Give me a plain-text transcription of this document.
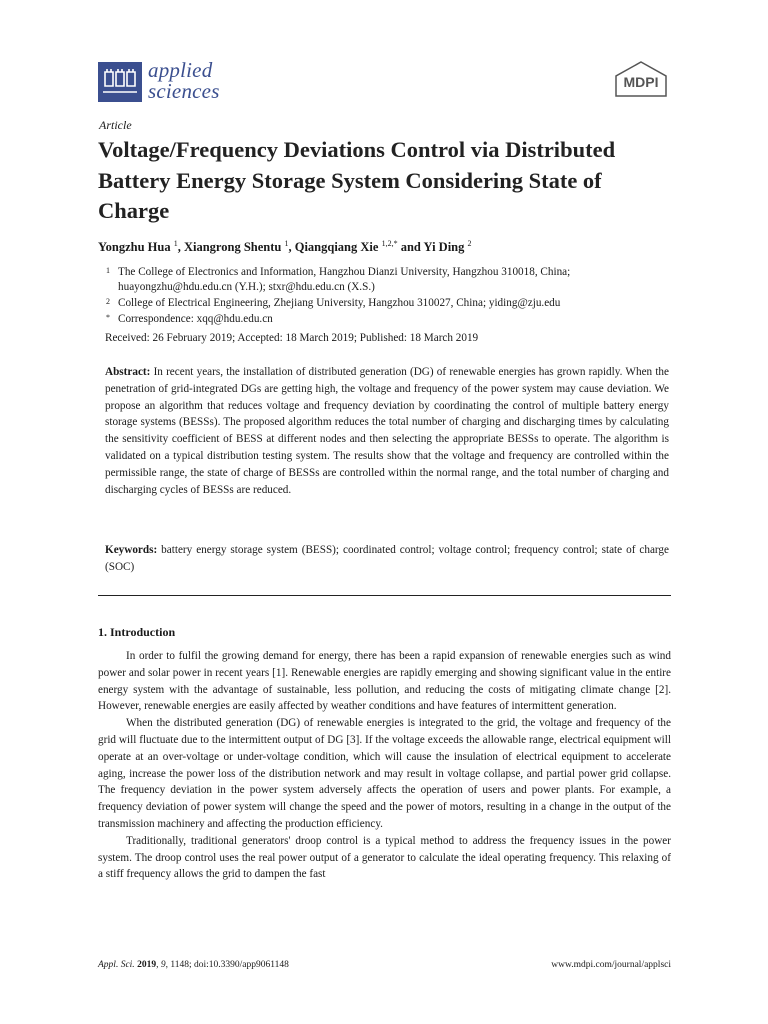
applied
sciences	MDPI
Article
Voltage/Frequency Deviations Control via Distributed Battery Energy Storage System Considering State of Charge
Yongzhu Hua $^1$, Xiangrong Shentu $^1$, Qiangqiang Xie $^{1,2,*}$ and Yi Ding $^2$
1 The College of Electronics and Information, Hangzhou Dianzi University, Hangzhou 310018, China;
huayongzhu@hdu.edu.cn (Y.H.); stxr@hdu.edu.cn (X.S.)
2 College of Electrical Engineering, Zhejiang University, Hangzhou 310027, China; yiding@zju.edu
* Correspondence: xqq@hdu.edu.cn
Received: 26 February 2019; Accepted: 18 March 2019; Published: 18 March 2019

Abstract: In recent years, the installation of distributed generation (DG) of renewable energies has grown rapidly. When the penetration of grid-integrated DGs are getting high, the voltage and frequency of the power system may cause deviation. We propose an algorithm that reduces voltage and frequency deviation by coordinating the control of multiple battery energy storage systems (BESSs). The proposed algorithm reduces the total number of charging and discharging times by calculating the sensitivity coefficient of BESS at different nodes and then selecting the appropriate BESSs to operate. The algorithm is validated on a typical distribution testing system. The results show that the voltage and frequency are controlled within the permissible range, the state of charge of BESSs are controlled within the normal range, and the total number of charging and discharging cycles of BESSs are reduced.

Keywords: battery energy storage system (BESS); coordinated control; voltage control; frequency control; state of charge (SOC)

1. Introduction

In order to fulfil the growing demand for energy, there has been a rapid expansion of renewable energies such as wind power and solar power in recent years [1]. Renewable energies are rapidly emerging and showing significant value in the entire energy system with the advantage of sustainable, less pollution, and reducing the costs of mitigating climate change [2]. However, renewable energies are easily affected by weather conditions and have features of intermittent generation.

When the distributed generation (DG) of renewable energies is integrated to the grid, the voltage and frequency of the grid will fluctuate due to the intermittent output of DG [3]. If the voltage exceeds the allowable range, electrical equipment will operate at an over-voltage or under-voltage condition, which will cause the insulation of electrical equipment to accelerate aging, increase the power loss of the distribution network and may result in voltage collapse, and partial power grid collapse. The frequency deviation in the power system adversely affects the operation of users and power plants. For example, a frequency deviation of power system will change the speed and the power of motors, resulting in a change in the output of the transmission machinery and affecting the production efficiency.

Traditionally, traditional generators' droop control is a typical method to address the frequency issues in the power system. The droop control uses the real power output of a generator to calculate the ideal operating frequency. This relaxing of a stiff frequency allows the grid to dampen the fast

Appl. Sci. 2019, 9, 1148; doi:10.3390/app9061148	www.mdpi.com/journal/applsci
